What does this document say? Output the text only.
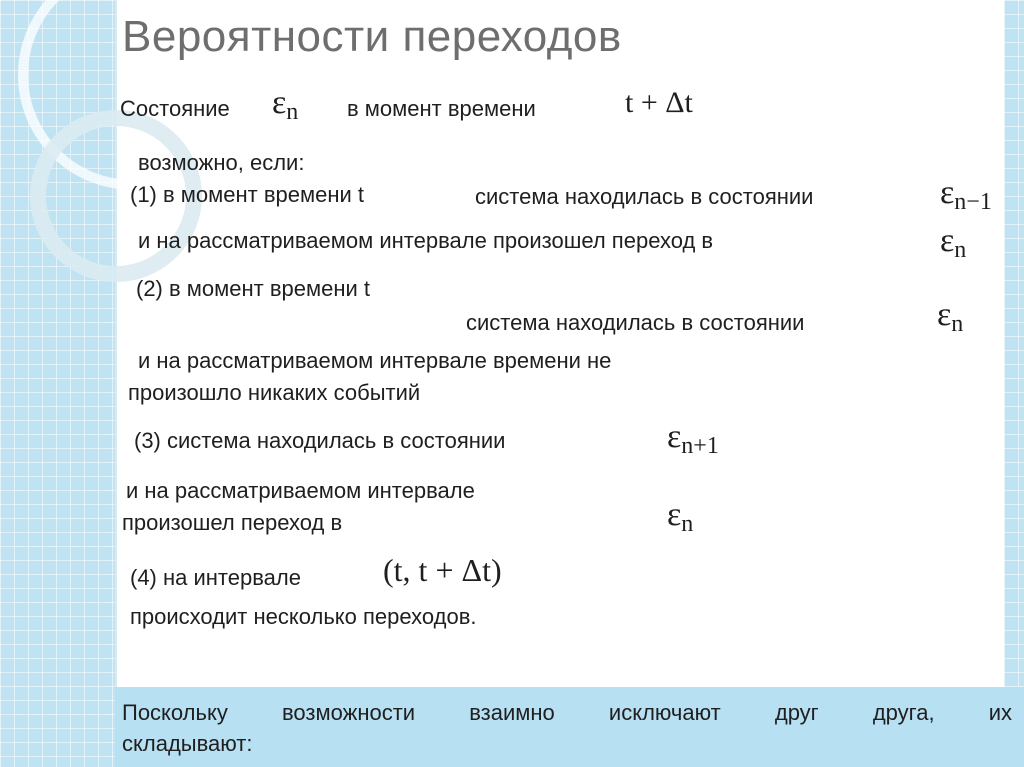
Вероятности переходов
Состояние εn в момент времени	t + Δt
возможно, если:
(1) в момент времени t	система находилась в состоянии	εn−1
и на рассматриваемом интервале произошел переход в	εn
(2) в момент времени t
система находилась в состоянии	εn
и на рассматриваемом интервале времени не
произошло никаких событий
(3) система находилась в состоянии	εn+1
и на рассматриваемом интервале
произошел переход в	εn
(4) на интервале	(t, t + Δt)
происходит несколько переходов.
Поскольку возможности взаимно исключают друг друга, их
складывают:
